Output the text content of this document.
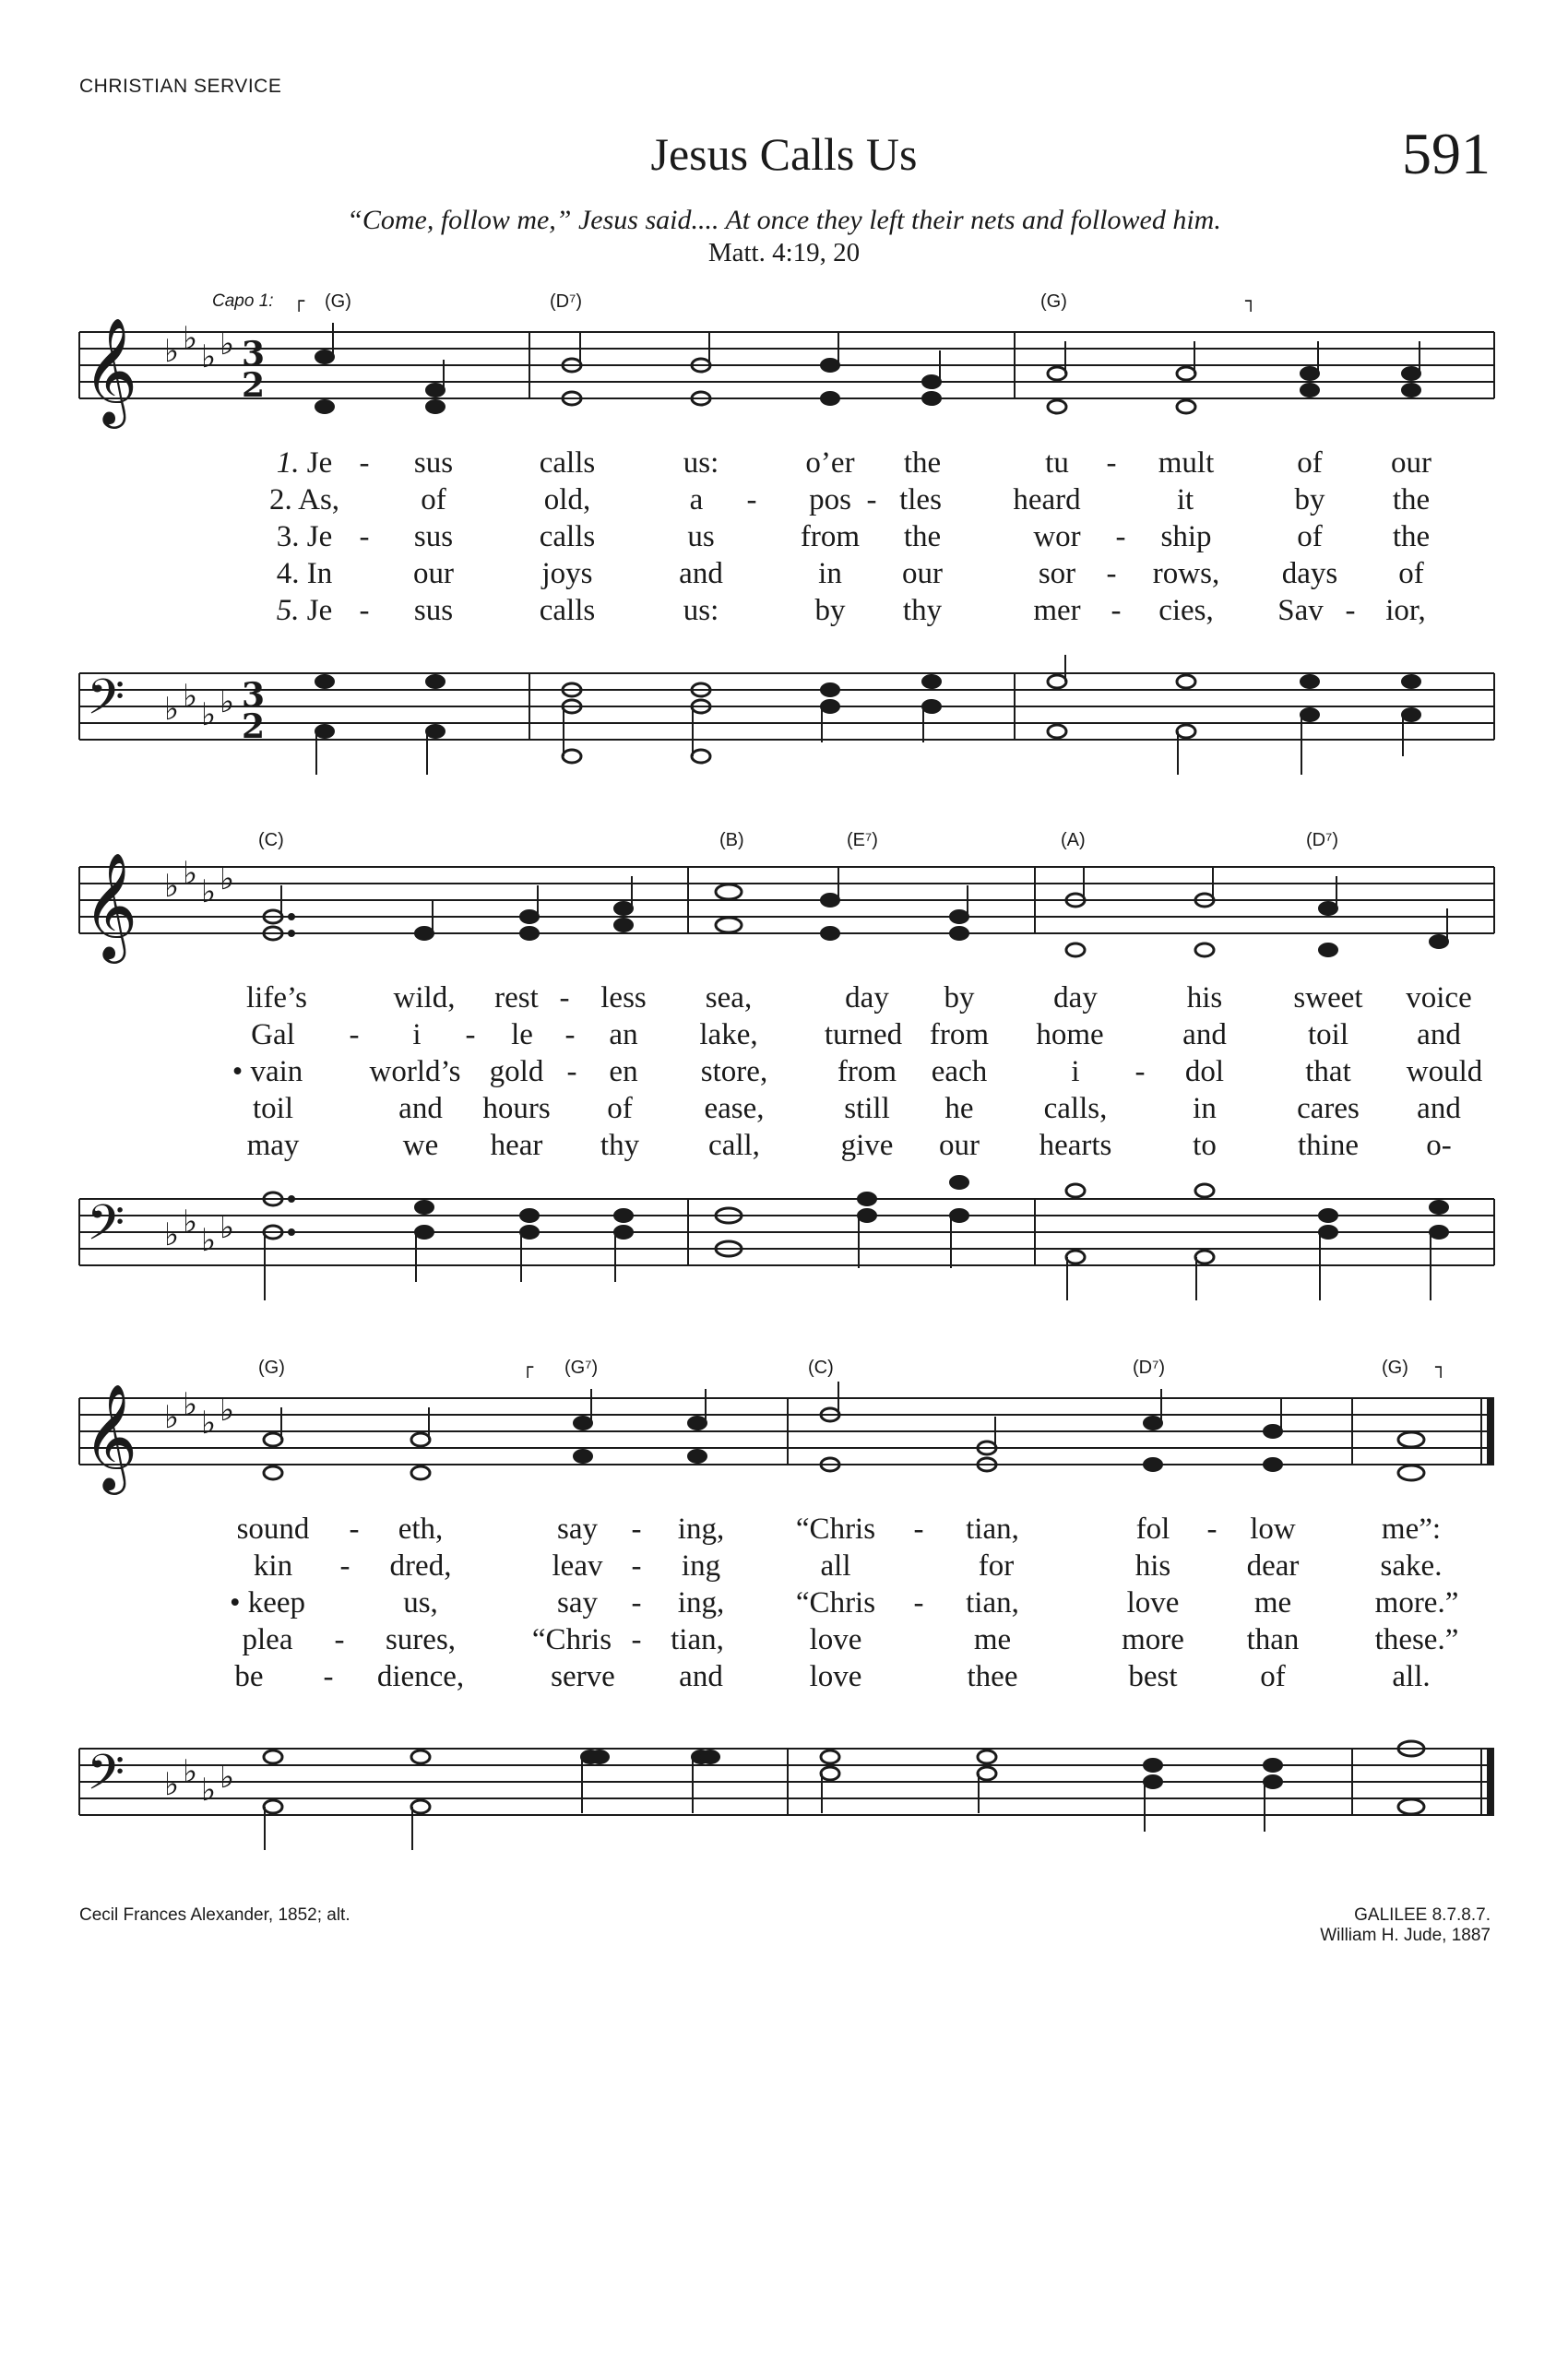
CHRISTIAN SERVICE
Jesus Calls Us	591
“Come, follow me,” Jesus said.... At once they left their nets and followed him.
Matt. 4:19, 20
Capo 1: ┌ (G)	(D⁷)	(G)	┐
(C)	(B)	(E⁷)	(A)	(D⁷)
(G)	┌ (G⁷)	(C)	(D⁷)	(G) ┐
𝄞 ♭ ♭ ♭ ♭ 3
2
𝄢 ♭ ♭ ♭ ♭ 3
2
1. Je - sus	calls	us:	o’er the	tu - mult	of our
2. As,	of	old,	a - pos - tles heard	it	by the
3. Je - sus	calls	us	from the	wor - ship	of the
4. In	our	joys	and	in our	sor - rows, days of
5. Je - sus	calls	us:	by thy	mer - cies, Sav - ior,
𝄞 ♭ ♭ ♭ ♭
𝄢 ♭ ♭ ♭ ♭
life’s	wild, rest - less sea,	day by	day	his sweet voice
Gal - i - le - an lake, turned from home	and	toil and
• vain world’s gold - en store, from each	i - dol	that would
toil	and hours of ease,	still he calls,	in	cares and
may	we hear thy call,	give our hearts	to	thine o-
𝄞 ♭ ♭ ♭ ♭
𝄢 ♭ ♭ ♭ ♭
sound - eth,	say - ing, “Chris - tian,	fol - low	me”:
kin - dred,	leav - ing	all	for	his dear	sake.
• keep	us,	say - ing, “Chris - tian,	love me	more.”
plea - sures,	“Chris - tian,	love	me	more than these.”
be - dience,	serve and	love	thee	best	of	all.
Cecil Frances Alexander, 1852; alt.	GALILEE 8.7.8.7.
William H. Jude, 1887
